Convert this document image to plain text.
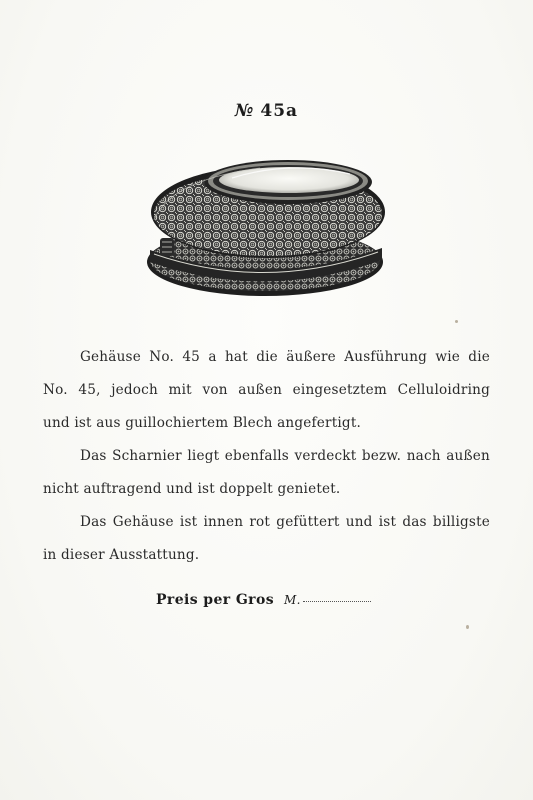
№ 45a
Gehäuse No. 45 a hat die äußere Ausführung wie die
No. 45, jedoch mit von außen eingesetztem Celluloidring
und ist aus guillochiertem Blech angefertigt.
Das Scharnier liegt ebenfalls verdeckt bezw. nach außen
nicht auftragend und ist doppelt genietet.
Das Gehäuse ist innen rot gefüttert und ist das billigste
in dieser Ausstattung.
Preis per Gros M.
